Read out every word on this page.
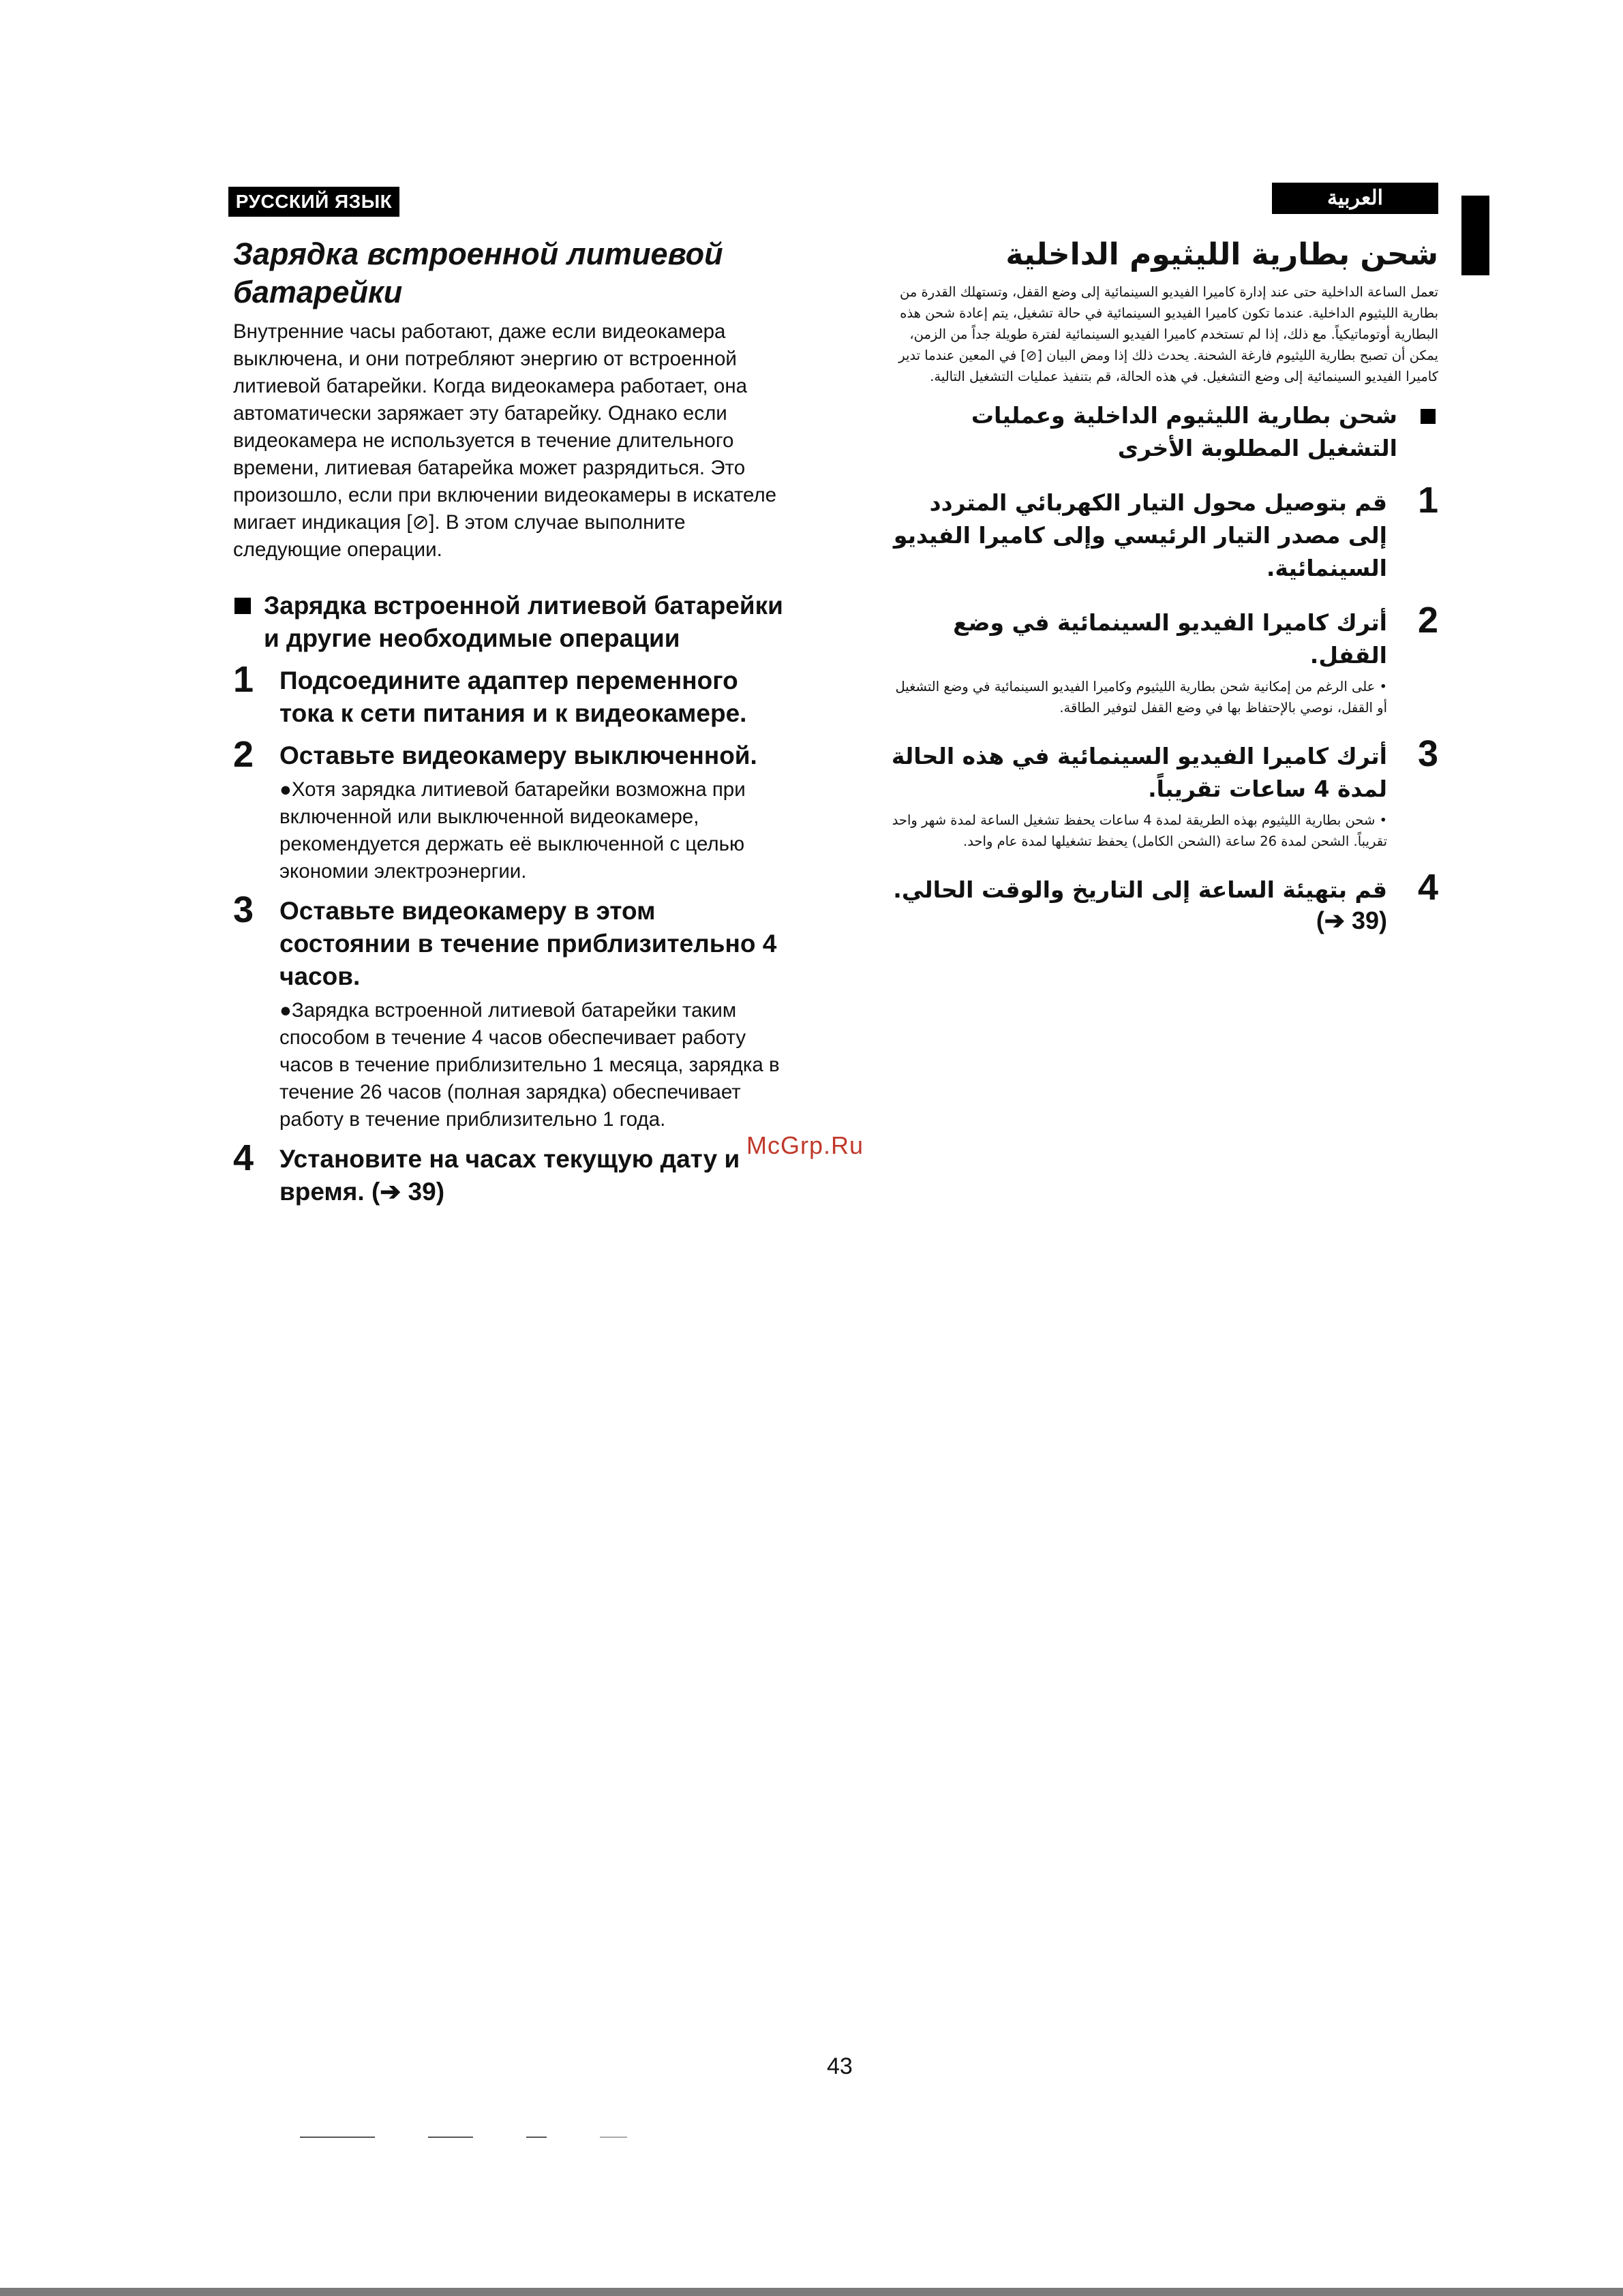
РУССКИЙ ЯЗЫК	العربية
Зарядка встроенной литиевой батарейки

Внутренние часы работают, даже если видеокамера выключена, и они потребляют энергию от встроенной литиевой батарейки. Когда видеокамера работает, она автоматически заряжает эту батарейку. Однако если видеокамера не используется в течение длительного времени, литиевая батарейка может разрядиться. Это произошло, если при включении видеокамеры в искателе мигает индикация [⊘]. В этом случае выполните следующие операции.

Зарядка встроенной литиевой батарейки и другие необходимые операции
1 Подсоедините адаптер переменного тока к сети питания и к видеокамере.
2 Оставьте видеокамеру выключенной.
●Хотя зарядка литиевой батарейки возможна при включенной или выключенной видеокамере, рекомендуется держать её выключенной с целью экономии электроэнергии.
3 Оставьте видеокамеру в этом состоянии в течение приблизительно 4 часов.
●Зарядка встроенной литиевой батарейки таким способом в течение 4 часов обеспечивает работу часов в течение приблизительно 1 месяца, зарядка в течение 26 часов (полная зарядка) обеспечивает работу в течение приблизительно 1 года.
4 Установите на часах текущую дату и время. (➔ 39)
شحن بطارية الليثيوم الداخلية

تعمل الساعة الداخلية حتى عند إدارة كاميرا الفيديو السينمائية إلى وضع القفل، وتستهلك القدرة من بطارية الليثيوم الداخلية. عندما تكون كاميرا الفيديو السينمائية في حالة تشغيل، يتم إعادة شحن هذه البطارية أوتوماتيكياً. مع ذلك، إذا لم تستخدم كاميرا الفيديو السينمائية لفترة طويلة جداً من الزمن، يمكن أن تصبح بطارية الليثيوم فارغة الشحنة. يحدث ذلك إذا ومض البيان [⊘] في المعين عندما تدير كاميرا الفيديو السينمائية إلى وضع التشغيل. في هذه الحالة، قم بتنفيذ عمليات التشغيل التالية.

شحن بطارية الليثيوم الداخلية وعمليات التشغيل المطلوبة الأخرى
1
قم بتوصيل محول التيار الكهربائي المتردد إلى مصدر التيار الرئيسي وإلى كاميرا الفيديو السينمائية.
2
أترك كاميرا الفيديو السينمائية في وضع القفل.
• على الرغم من إمكانية شحن بطارية الليثيوم وكاميرا الفيديو السينمائية في وضع التشغيل أو القفل، نوصي بالإحتفاظ بها في وضع القفل لتوفير الطاقة.
3
أترك كاميرا الفيديو السينمائية في هذه الحالة لمدة 4 ساعات تقريباً.
• شحن بطارية الليثيوم بهذه الطريقة لمدة 4 ساعات يحفظ تشغيل الساعة لمدة شهر واحد تقريباً. الشحن لمدة 26 ساعة (الشحن الكامل) يحفظ تشغيلها لمدة عام واحد.
4
قم بتهيئة الساعة إلى التاريخ والوقت الحالي.
(➔ 39)
McGrp.Ru
43
